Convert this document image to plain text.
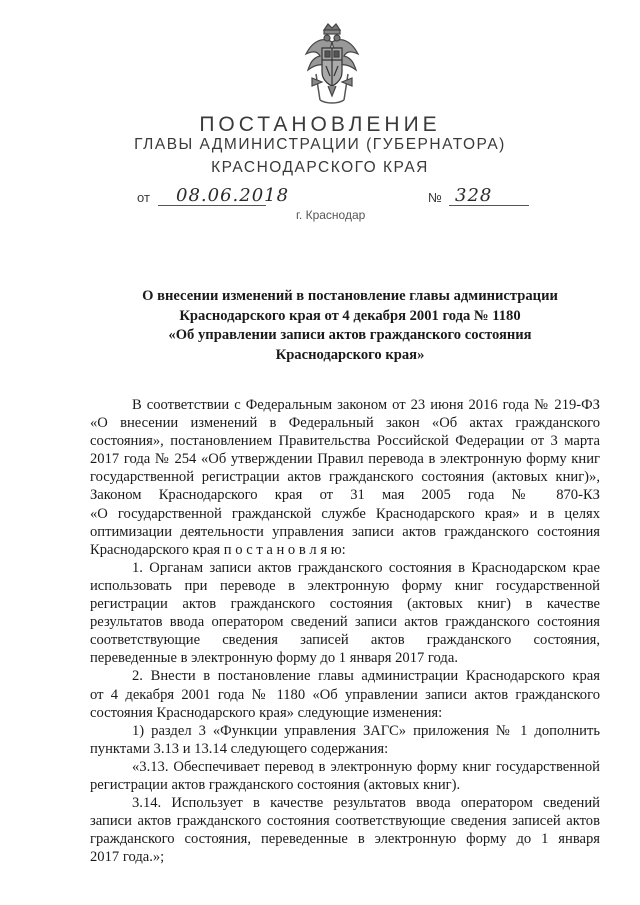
ПОСТАНОВЛЕНИЕ
ГЛАВЫ АДМИНИСТРАЦИИ (ГУБЕРНАТОРА)
КРАСНОДАРСКОГО КРАЯ
от 08.06.2018	№ 328
г. Краснодар
О внесении изменений в постановление главы администрации
Краснодарского края от 4 декабря 2001 года № 1180
«Об управлении записи актов гражданского состояния
Краснодарского края»
В соответствии с Федеральным законом от 23 июня 2016 года № 219-ФЗ
«О внесении изменений в Федеральный закон «Об актах гражданского
состояния», постановлением Правительства Российской Федерации от 3 марта
2017 года № 254 «Об утверждении Правил перевода в электронную форму книг
государственной регистрации актов гражданского состояния (актовых книг)»,
Законом Краснодарского края от 31 мая 2005 года № 870-КЗ
«О государственной гражданской службе Краснодарского края» и в целях
оптимизации деятельности управления записи актов гражданского состояния
Краснодарского края п о с т а н о в л я ю:
1. Органам записи актов гражданского состояния в Краснодарском крае
использовать при переводе в электронную форму книг государственной
регистрации актов гражданского состояния (актовых книг) в качестве
результатов ввода оператором сведений записи актов гражданского состояния
соответствующие сведения записей актов гражданского состояния,
переведенные в электронную форму до 1 января 2017 года.
2. Внести в постановление главы администрации Краснодарского края
от 4 декабря 2001 года № 1180 «Об управлении записи актов гражданского
состояния Краснодарского края» следующие изменения:
1) раздел 3 «Функции управления ЗАГС» приложения № 1 дополнить
пунктами 3.13 и 13.14 следующего содержания:
«3.13. Обеспечивает перевод в электронную форму книг государственной
регистрации актов гражданского состояния (актовых книг).
3.14. Использует в качестве результатов ввода оператором сведений
записи актов гражданского состояния соответствующие сведения записей актов
гражданского состояния, переведенные в электронную форму до 1 января
2017 года.»;
